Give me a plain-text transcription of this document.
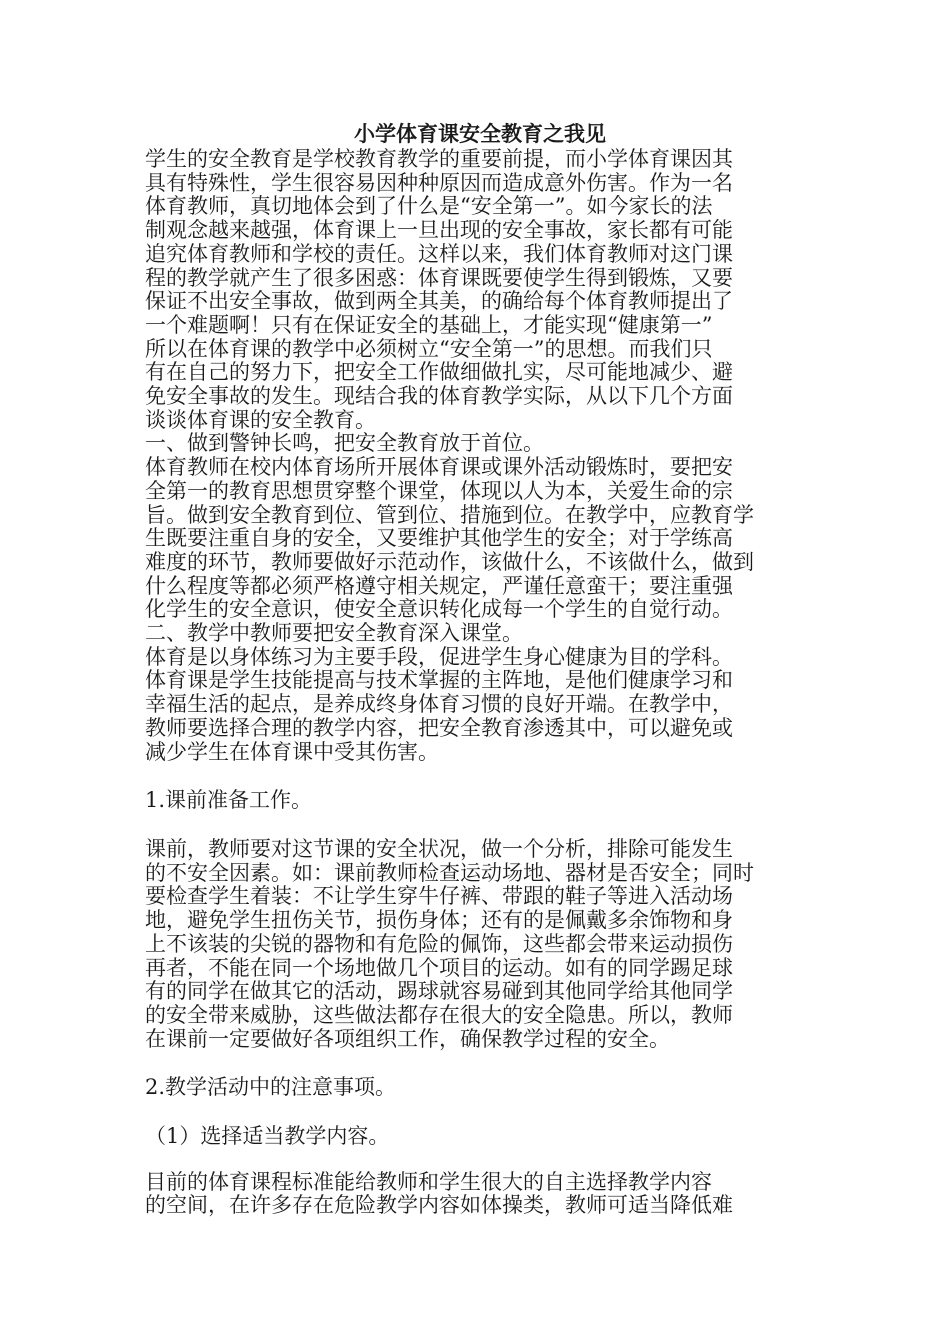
小学体育课安全教育之我见
学生的安全教育是学校教育教学的重要前提，而小学体育课因其
具有特殊性，学生很容易因种种原因而造成意外伤害。作为一名
体育教师，真切地体会到了什么是“安全第一”。如今家长的法
制观念越来越强，体育课上一旦出现的安全事故，家长都有可能
追究体育教师和学校的责任。这样以来，我们体育教师对这门课
程的教学就产生了很多困惑：体育课既要使学生得到锻炼，又要
保证不出安全事故，做到两全其美，的确给每个体育教师提出了
一个难题啊！只有在保证安全的基础上，才能实现“健康第一”
所以在体育课的教学中必须树立“安全第一”的思想。而我们只
有在自己的努力下，把安全工作做细做扎实，尽可能地减少、避
免安全事故的发生。现结合我的体育教学实际，从以下几个方面
谈谈体育课的安全教育。
一、做到警钟长鸣，把安全教育放于首位。
体育教师在校内体育场所开展体育课或课外活动锻炼时，要把安
全第一的教育思想贯穿整个课堂，体现以人为本，关爱生命的宗
旨。做到安全教育到位、管到位、措施到位。在教学中，应教育学
生既要注重自身的安全，又要维护其他学生的安全；对于学练高
难度的环节，教师要做好示范动作，该做什么，不该做什么，做到
什么程度等都必须严格遵守相关规定，严谨任意蛮干；要注重强
化学生的安全意识，使安全意识转化成每一个学生的自觉行动。
二、教学中教师要把安全教育深入课堂。
体育是以身体练习为主要手段，促进学生身心健康为目的学科。
体育课是学生技能提高与技术掌握的主阵地，是他们健康学习和
幸福生活的起点，是养成终身体育习惯的良好开端。在教学中，
教师要选择合理的教学内容，把安全教育渗透其中，可以避免或
减少学生在体育课中受其伤害。
1.课前准备工作。
课前，教师要对这节课的安全状况，做一个分析，排除可能发生
的不安全因素。如：课前教师检查运动场地、器材是否安全；同时
要检查学生着装：不让学生穿牛仔裤、带跟的鞋子等进入活动场
地，避免学生扭伤关节，损伤身体；还有的是佩戴多余饰物和身
上不该装的尖锐的器物和有危险的佩饰，这些都会带来运动损伤
再者，不能在同一个场地做几个项目的运动。如有的同学踢足球
有的同学在做其它的活动，踢球就容易碰到其他同学给其他同学
的安全带来威胁，这些做法都存在很大的安全隐患。所以，教师
在课前一定要做好各项组织工作，确保教学过程的安全。
2.教学活动中的注意事项。
（1）选择适当教学内容。
目前的体育课程标准能给教师和学生很大的自主选择教学内容
的空间，在许多存在危险教学内容如体操类，教师可适当降低难
